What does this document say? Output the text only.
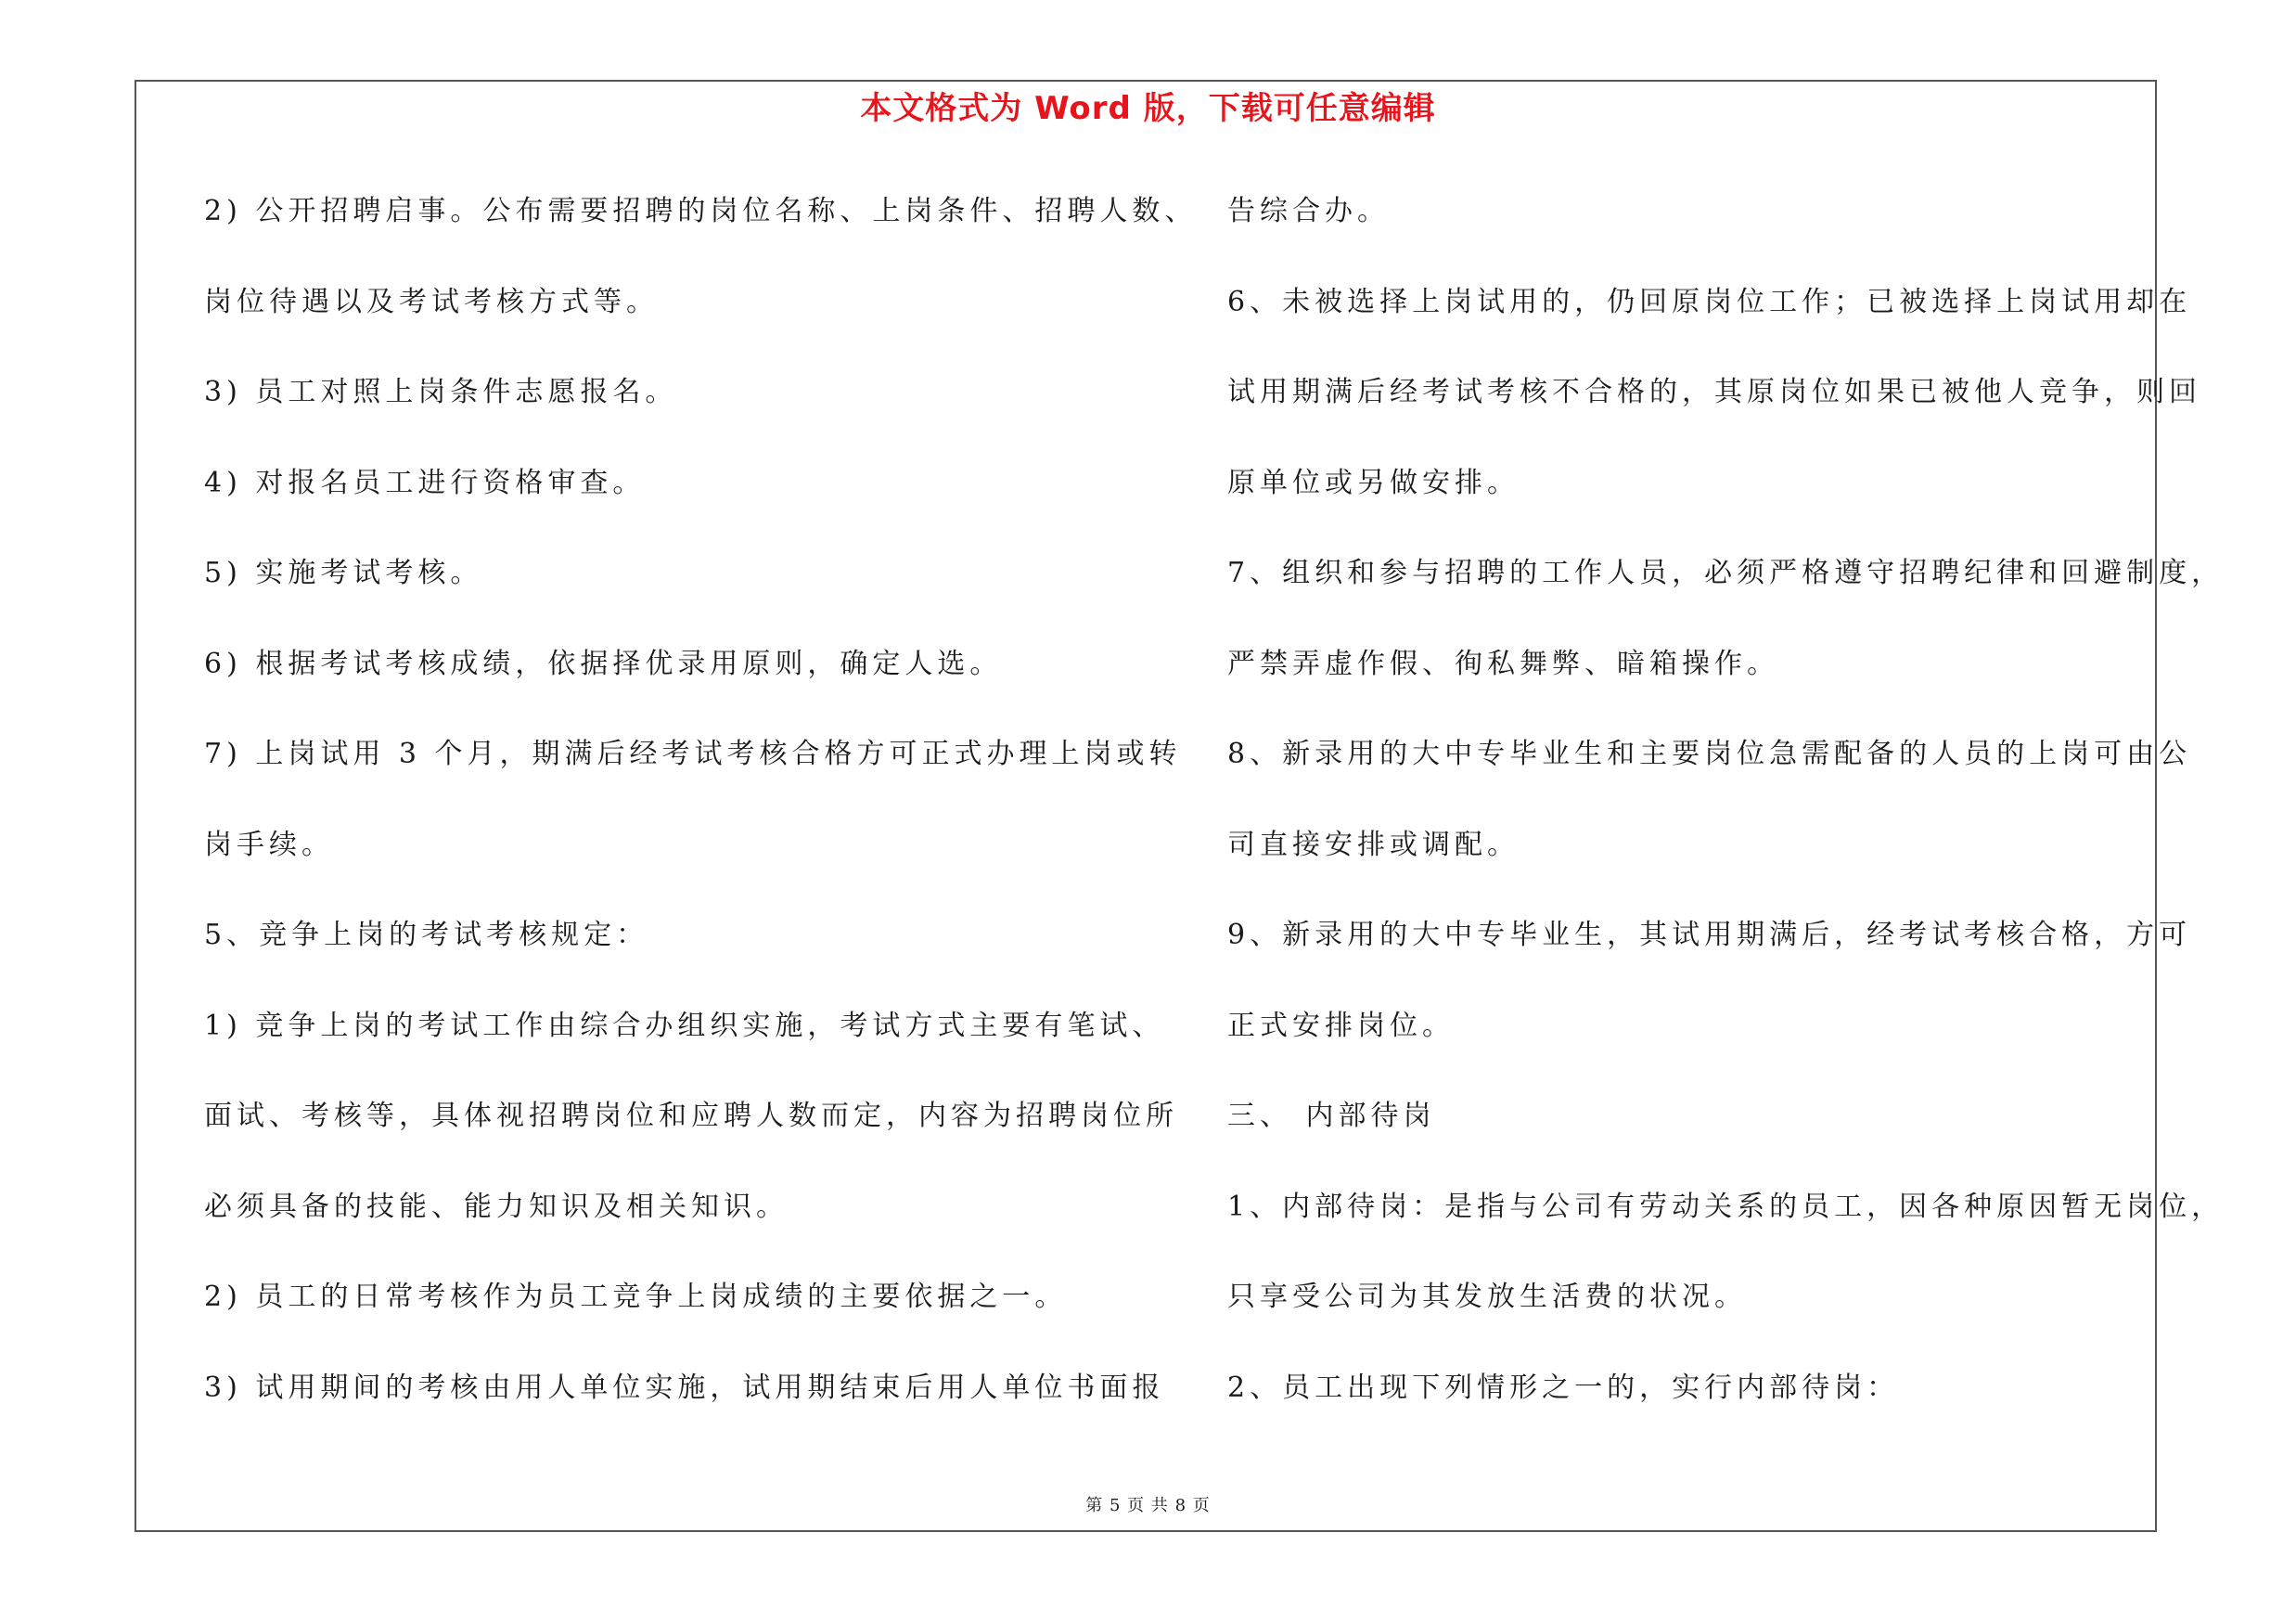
本文格式为 Word 版，下载可任意编辑
2) 公开招聘启事。公布需要招聘的岗位名称、上岗条件、招聘人数、
岗位待遇以及考试考核方式等。
3) 员工对照上岗条件志愿报名。
4) 对报名员工进行资格审查。
5) 实施考试考核。
6) 根据考试考核成绩，依据择优录用原则，确定人选。
7) 上岗试用 3 个月，期满后经考试考核合格方可正式办理上岗或转
岗手续。
5、竞争上岗的考试考核规定：
1) 竞争上岗的考试工作由综合办组织实施，考试方式主要有笔试、
面试、考核等，具体视招聘岗位和应聘人数而定，内容为招聘岗位所
必须具备的技能、能力知识及相关知识。
2) 员工的日常考核作为员工竞争上岗成绩的主要依据之一。
3) 试用期间的考核由用人单位实施，试用期结束后用人单位书面报
告综合办。
6、未被选择上岗试用的，仍回原岗位工作；已被选择上岗试用却在
试用期满后经考试考核不合格的，其原岗位如果已被他人竞争，则回
原单位或另做安排。
7、组织和参与招聘的工作人员，必须严格遵守招聘纪律和回避制度，
严禁弄虚作假、徇私舞弊、暗箱操作。
8、新录用的大中专毕业生和主要岗位急需配备的人员的上岗可由公
司直接安排或调配。
9、新录用的大中专毕业生，其试用期满后，经考试考核合格，方可
正式安排岗位。
三、 内部待岗
1、内部待岗：是指与公司有劳动关系的员工，因各种原因暂无岗位，
只享受公司为其发放生活费的状况。
2、员工出现下列情形之一的，实行内部待岗：
第 5 页 共 8 页
